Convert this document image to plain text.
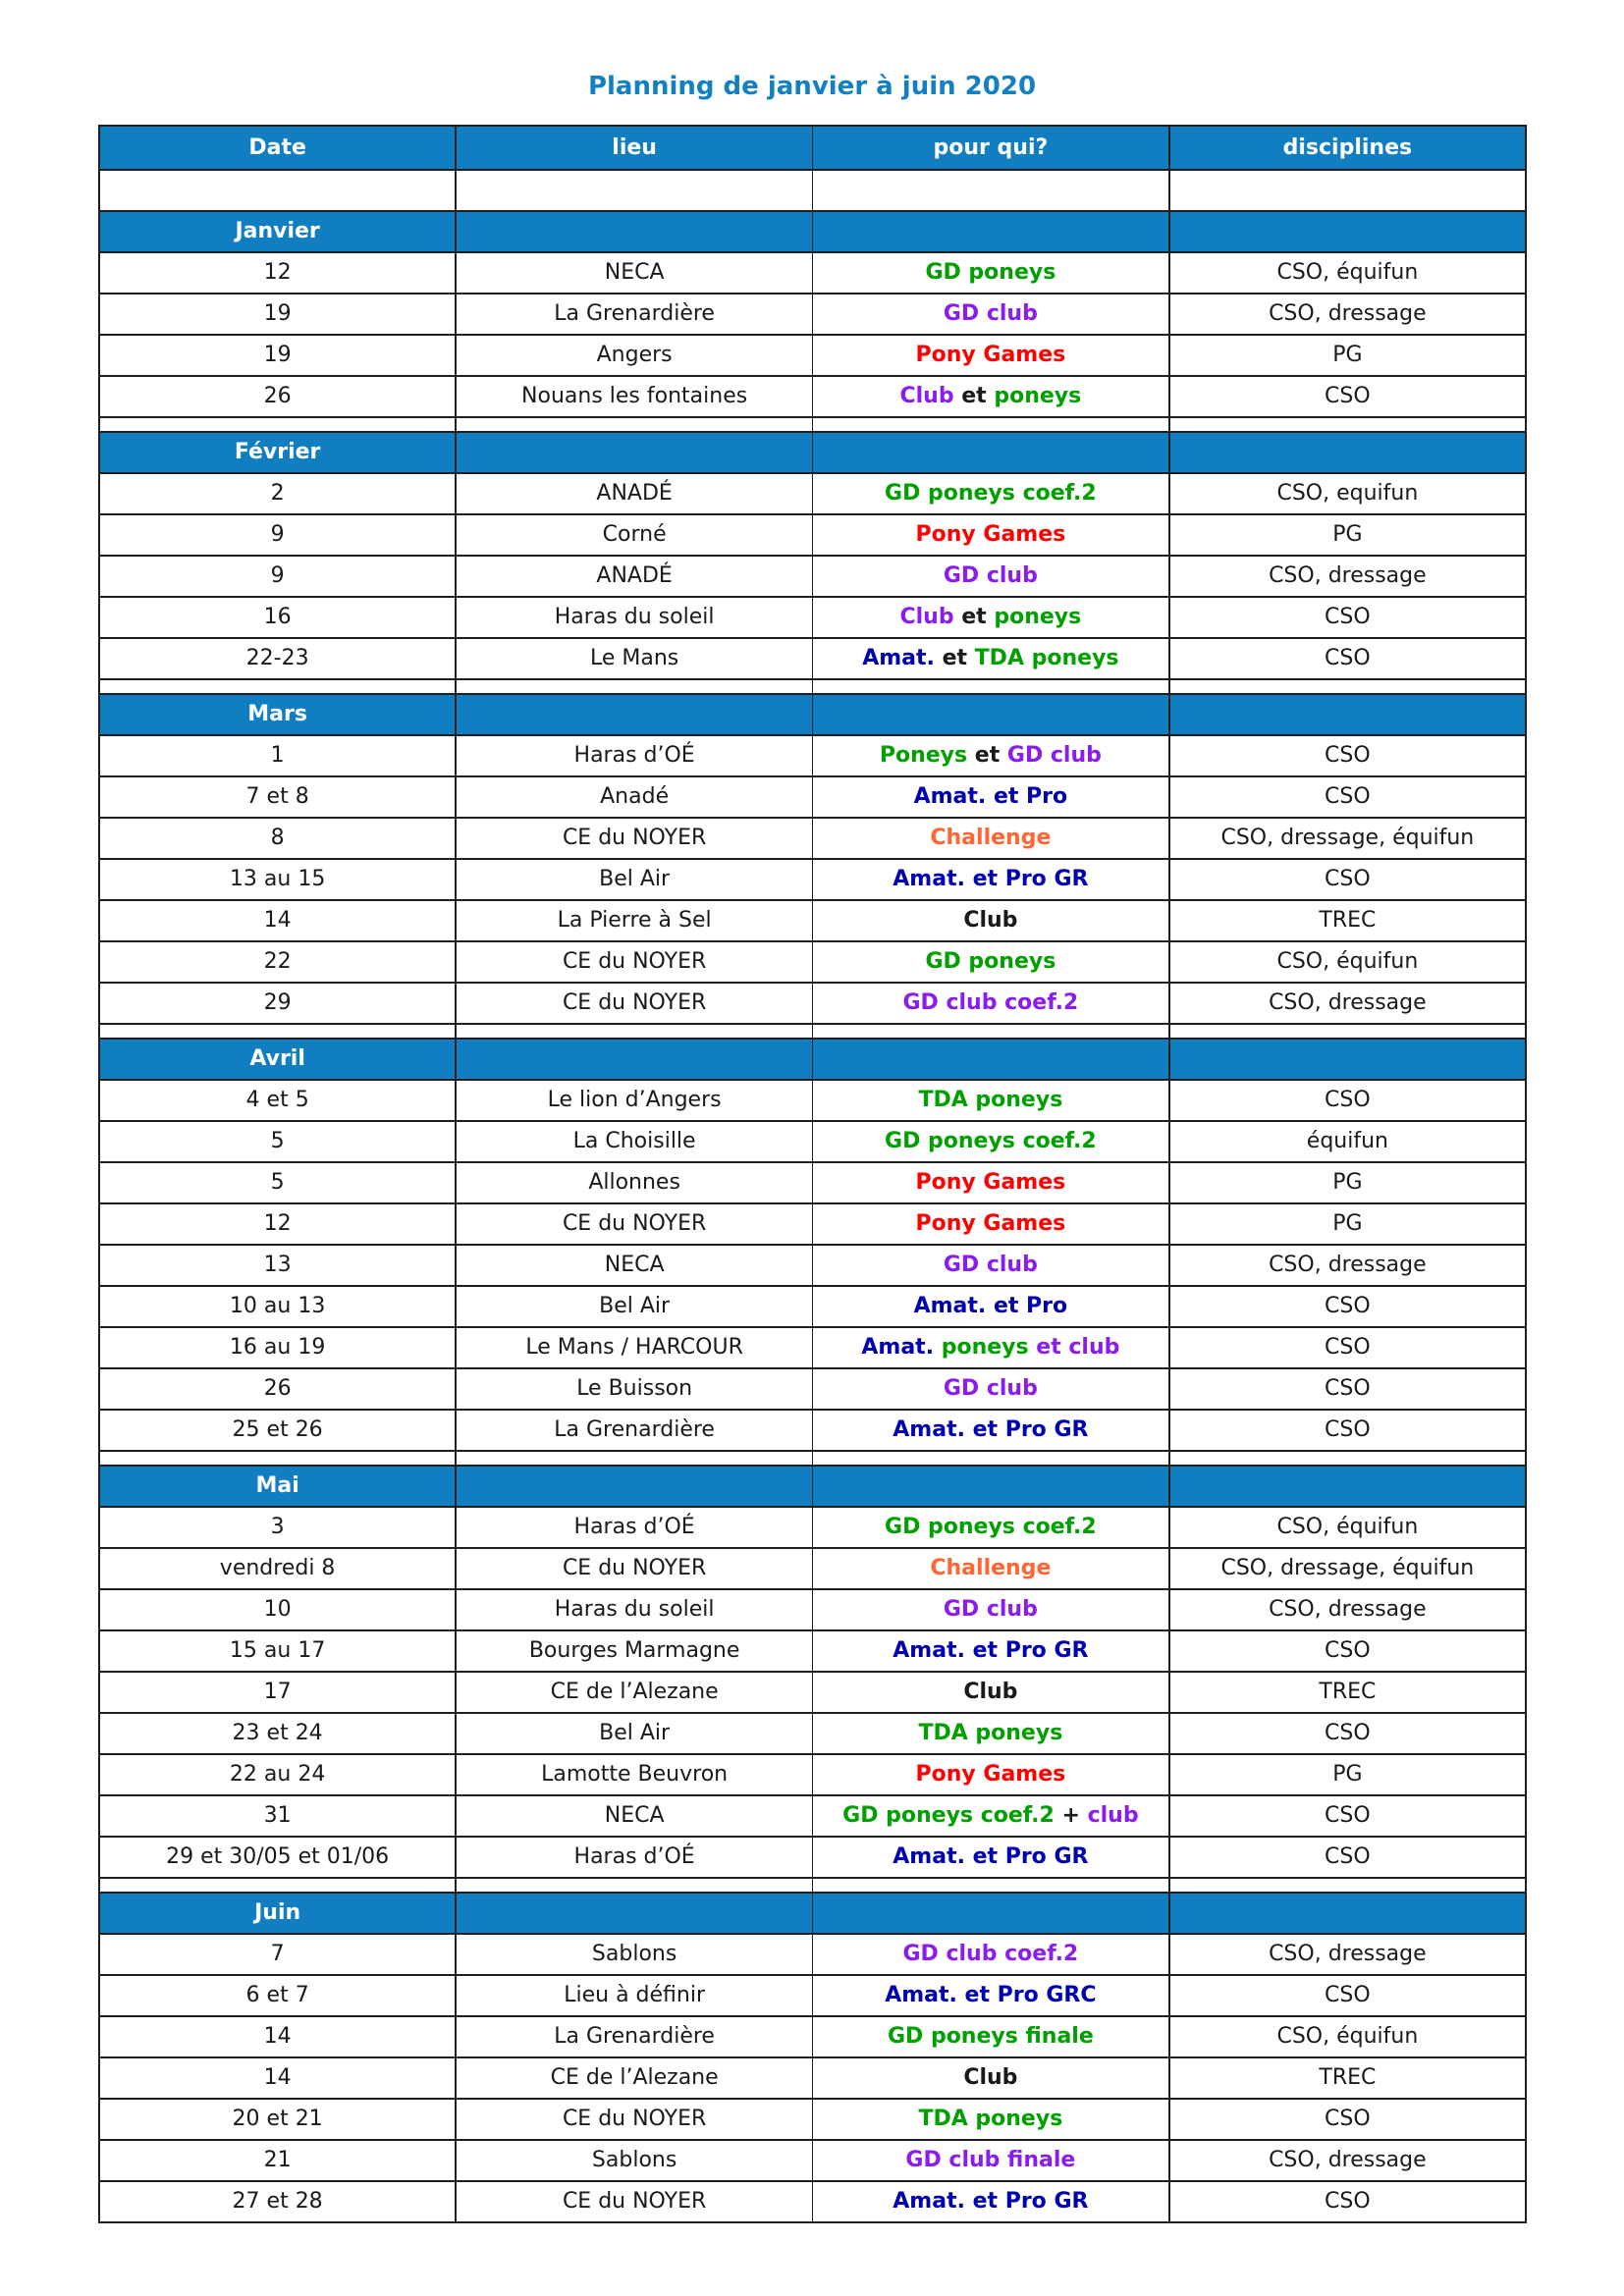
Planning de janvier à juin 2020
Date	lieu	pour qui?	disciplines

Janvier			
12	NECA	GD poneys	CSO, équifun
19	La Grenardière	GD club	CSO, dressage
19	Angers	Pony Games	PG
26	Nouans les fontaines	Club et poneys	CSO

Février			
2	ANADÉ	GD poneys coef.2	CSO, equifun
9	Corné	Pony Games	PG
9	ANADÉ	GD club	CSO, dressage
16	Haras du soleil	Club et poneys	CSO
22-23	Le Mans	Amat. et TDA poneys	CSO

Mars			
1	Haras d’OÉ	Poneys et GD club	CSO
7 et 8	Anadé	Amat. et Pro	CSO
8	CE du NOYER	Challenge	CSO, dressage, équifun
13 au 15	Bel Air	Amat. et Pro GR	CSO
14	La Pierre à Sel	Club	TREC
22	CE du NOYER	GD poneys	CSO, équifun
29	CE du NOYER	GD club coef.2	CSO, dressage

Avril			
4 et 5	Le lion d’Angers	TDA poneys	CSO
5	La Choisille	GD poneys coef.2	équifun
5	Allonnes	Pony Games	PG
12	CE du NOYER	Pony Games	PG
13	NECA	GD club	CSO, dressage
10 au 13	Bel Air	Amat. et Pro	CSO
16 au 19	Le Mans / HARCOUR	Amat. poneys et club	CSO
26	Le Buisson	GD club	CSO
25 et 26	La Grenardière	Amat. et Pro GR	CSO

Mai			
3	Haras d’OÉ	GD poneys coef.2	CSO, équifun
vendredi 8	CE du NOYER	Challenge	CSO, dressage, équifun
10	Haras du soleil	GD club	CSO, dressage
15 au 17	Bourges Marmagne	Amat. et Pro GR	CSO
17	CE de l’Alezane	Club	TREC
23 et 24	Bel Air	TDA poneys	CSO
22 au 24	Lamotte Beuvron	Pony Games	PG
31	NECA	GD poneys coef.2 + club	CSO
29 et 30/05 et 01/06	Haras d’OÉ	Amat. et Pro GR	CSO

Juin			
7	Sablons	GD club coef.2	CSO, dressage
6 et 7	Lieu à définir	Amat. et Pro GRC	CSO
14	La Grenardière	GD poneys finale	CSO, équifun
14	CE de l’Alezane	Club	TREC
20 et 21	CE du NOYER	TDA poneys	CSO
21	Sablons	GD club finale	CSO, dressage
27 et 28	CE du NOYER	Amat. et Pro GR	CSO
